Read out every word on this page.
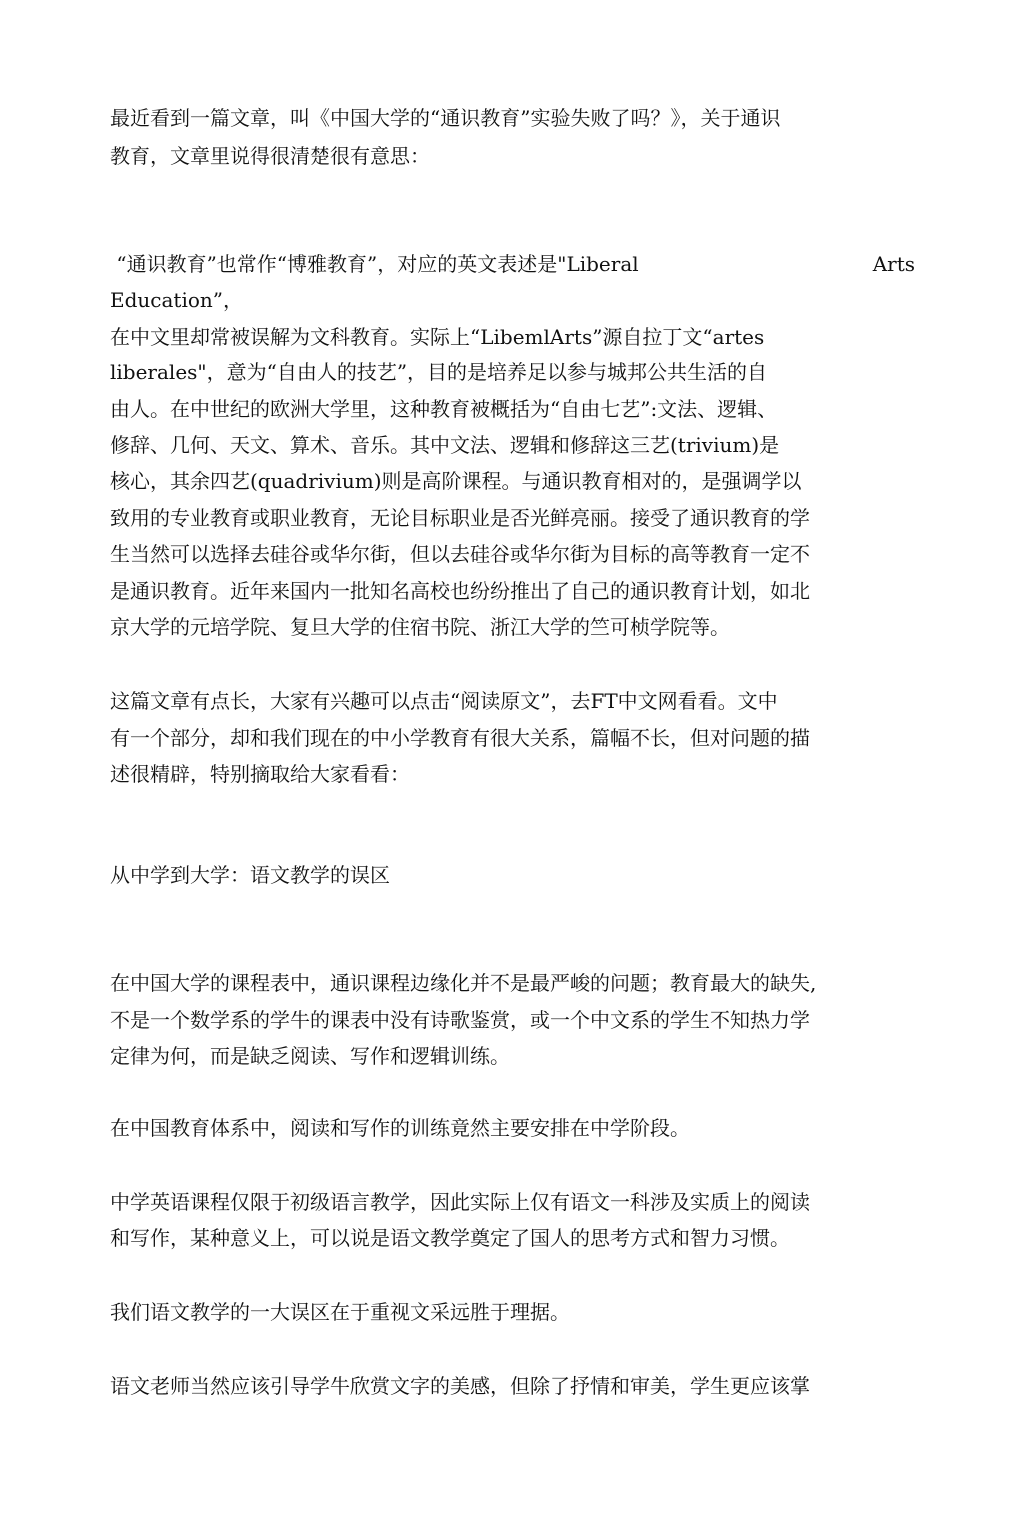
最近看到一篇文章，叫《中国大学的“通识教育”实验失败了吗？》，关于通识

教育，文章里说得很清楚很有意思：

“通识教育”也常作“博雅教育”，对应的英文表述是"Liberal	Arts

Education”，

在中文里却常被误解为文科教育。实际上“LibemlArts”源自拉丁文“artes

liberales"，意为“自由人的技艺”，目的是培养足以参与城邦公共生活的自

由人。在中世纪的欧洲大学里，这种教育被概括为“自由七艺”:文法、逻辑、

修辞、几何、天文、算术、音乐。其中文法、逻辑和修辞这三艺(trivium)是

核心，其余四艺(quadrivium)则是高阶课程。与通识教育相对的，是强调学以

致用的专业教育或职业教育，无论目标职业是否光鲜亮丽。接受了通识教育的学

生当然可以选择去硅谷或华尔街，但以去硅谷或华尔街为目标的高等教育一定不

是通识教育。近年来国内一批知名高校也纷纷推出了自己的通识教育计划，如北

京大学的元培学院、复旦大学的住宿书院、浙江大学的竺可桢学院等。

这篇文章有点长，大家有兴趣可以点击“阅读原文”，去FT中文网看看。文中

有一个部分，却和我们现在的中小学教育有很大关系，篇幅不长，但对问题的描

述很精辟，特别摘取给大家看看：

从中学到大学：语文教学的误区

在中国大学的课程表中，通识课程边缘化并不是最严峻的问题；教育最大的缺失,

不是一个数学系的学牛的课表中没有诗歌鉴赏，或一个中文系的学生不知热力学

定律为何，而是缺乏阅读、写作和逻辑训练。

在中国教育体系中，阅读和写作的训练竟然主要安排在中学阶段。

中学英语课程仅限于初级语言教学，因此实际上仅有语文一科涉及实质上的阅读

和写作，某种意义上，可以说是语文教学奠定了国人的思考方式和智力习惯。

我们语文教学的一大误区在于重视文采远胜于理据。

语文老师当然应该引导学牛欣赏文字的美感，但除了抒情和审美，学生更应该掌
